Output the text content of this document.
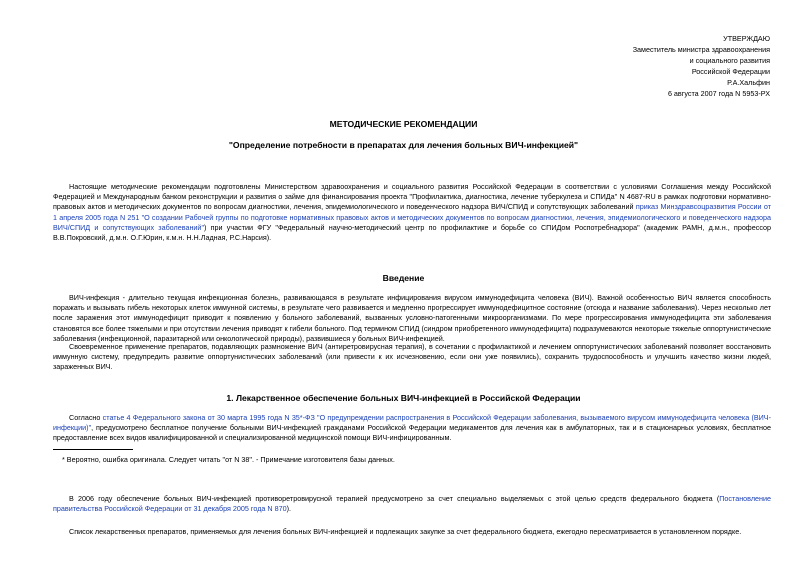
УТВЕРЖДАЮ
Заместитель министра здравоохранения
и социального развития
Российской Федерации
Р.А.Хальфин
6 августа 2007 года N 5953-РХ
МЕТОДИЧЕСКИЕ РЕКОМЕНДАЦИИ
"Определение потребности в препаратах для лечения больных ВИЧ-инфекцией"
Настоящие методические рекомендации подготовлены Министерством здравоохранения и социального развития Российской Федерации в соответствии с условиями Соглашения между Российской Федерацией и Международным банком реконструкции и развития о займе для финансирования проекта "Профилактика, диагностика, лечение туберкулеза и СПИДа" N 4687-RU в рамках подготовки нормативно-правовых актов и методических документов по вопросам диагностики, лечения, эпидемиологического и поведенческого надзора ВИЧ/СПИД и сопутствующих заболеваний приказ Минздравсоцразвития России от 1 апреля 2005 года N 251 "О создании Рабочей группы по подготовке нормативных правовых актов и методических документов по вопросам диагностики, лечения, эпидемиологического и поведенческого надзора ВИЧ/СПИД и сопутствующих заболеваний") при участии ФГУ "Федеральный научно-методический центр по профилактике и борьбе со СПИДом Роспотребнадзора" (академик РАМН, д.м.н., профессор В.В.Покровский, д.м.н. О.Г.Юрин, к.м.н. Н.Н.Ладная, Р.С.Нарсия).
Введение
ВИЧ-инфекция - длительно текущая инфекционная болезнь, развивающаяся в результате инфицирования вирусом иммунодефицита человека (ВИЧ). Важной особенностью ВИЧ является способность поражать и вызывать гибель некоторых клеток иммунной системы, в результате чего развивается и медленно прогрессирует иммунодефицитное состояние (отсюда и название заболевания). Через несколько лет после заражения этот иммунодефицит приводит к появлению у больного заболеваний, вызванных условно-патогенными микроорганизмами. По мере прогрессирования иммунодефицита эти заболевания становятся все более тяжелыми и при отсутствии лечения приводят к гибели больного. Под термином СПИД (синдром приобретенного иммунодефицита) подразумеваются некоторые тяжелые оппортунистические заболевания (инфекционной, паразитарной или онкологической природы), развившиеся у больных ВИЧ-инфекцией.
Своевременное применение препаратов, подавляющих размножение ВИЧ (антиретровирусная терапия), в сочетании с профилактикой и лечением оппортунистических заболеваний позволяет восстановить иммунную систему, предупредить развитие оппортунистических заболеваний (или привести к их исчезновению, если они уже появились), сохранить трудоспособность и улучшить качество жизни людей, зараженных ВИЧ.
1. Лекарственное обеспечение больных ВИЧ-инфекцией в Российской Федерации
Согласно статье 4 Федерального закона от 30 марта 1995 года N 35*-ФЗ "О предупреждении распространения в Российской Федерации заболевания, вызываемого вирусом иммунодефицита человека (ВИЧ-инфекции)", предусмотрено бесплатное получение больными ВИЧ-инфекцией гражданами Российской Федерации медикаментов для лечения как в амбулаторных, так и в стационарных условиях, бесплатное предоставление всех видов квалифицированной и специализированной медицинской помощи ВИЧ-инфицированным.
* Вероятно, ошибка оригинала. Следует читать "от N 38". - Примечание изготовителя базы данных.
В 2006 году обеспечение больных ВИЧ-инфекцией противоретровирусной терапией предусмотрено за счет специально выделяемых с этой целью средств федерального бюджета (Постановление правительства Российской Федерации от 31 декабря 2005 года N 870).
Список лекарственных препаратов, применяемых для лечения больных ВИЧ-инфекцией и подлежащих закупке за счет федерального бюджета, ежегодно пересматривается в установленном порядке.
